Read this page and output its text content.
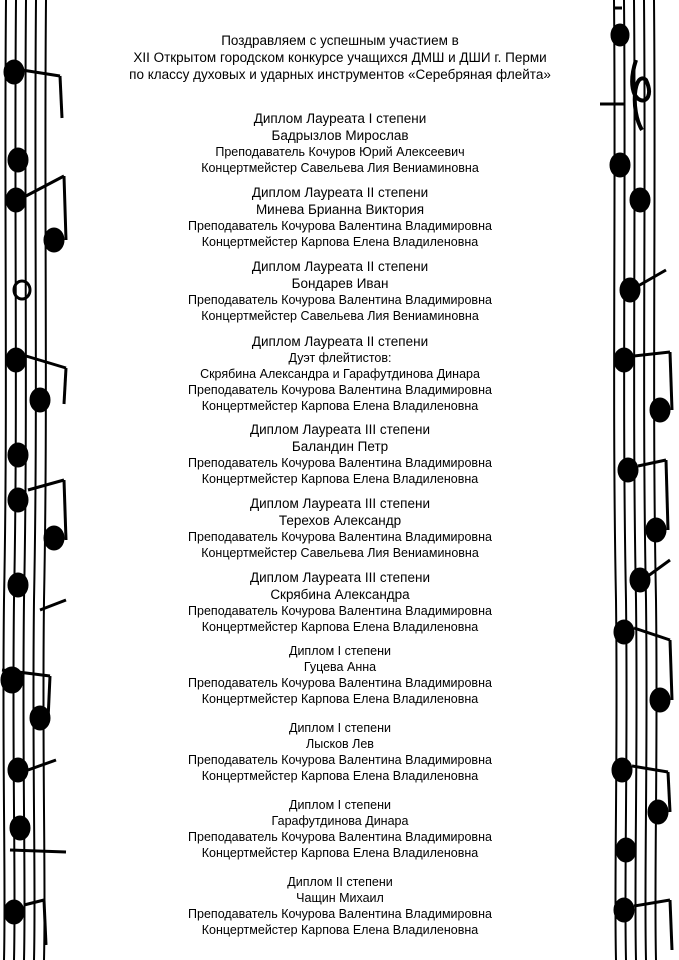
Поздравляем с успешным участием в
XII Открытом городском конкурсе учащихся ДМШ и ДШИ г. Перми
по классу духовых и ударных инструментов «Серебряная флейта»
Диплом Лауреата I степени
Бадрызлов Мирослав
Преподаватель Кочуров Юрий Алексеевич
Концертмейстер Савельева Лия Вениаминовна
Диплом Лауреата II степени
Минева Брианна Виктория
Преподаватель Кочурова Валентина Владимировна
Концертмейстер Карпова Елена Владиленовна
Диплом Лауреата II степени
Бондарев Иван
Преподаватель Кочурова Валентина Владимировна
Концертмейстер Савельева Лия Вениаминовна
Диплом Лауреата II степени
Дуэт флейтистов:
Скрябина Александра и Гарафутдинова Динара
Преподаватель Кочурова Валентина Владимировна
Концертмейстер Карпова Елена Владиленовна
Диплом Лауреата III степени
Баландин Петр
Преподаватель Кочурова Валентина Владимировна
Концертмейстер Карпова Елена Владиленовна
Диплом Лауреата III степени
Терехов Александр
Преподаватель Кочурова Валентина Владимировна
Концертмейстер Савельева Лия Вениаминовна
Диплом Лауреата III степени
Скрябина Александра
Преподаватель Кочурова Валентина Владимировна
Концертмейстер Карпова Елена Владиленовна
Диплом I степени
Гуцева Анна
Преподаватель Кочурова Валентина Владимировна
Концертмейстер Карпова Елена Владиленовна
Диплом I степени
Лысков Лев
Преподаватель Кочурова Валентина Владимировна
Концертмейстер Карпова Елена Владиленовна
Диплом I степени
Гарафутдинова Динара
Преподаватель Кочурова Валентина Владимировна
Концертмейстер Карпова Елена Владиленовна
Диплом II степени
Чащин Михаил
Преподаватель Кочурова Валентина Владимировна
Концертмейстер Карпова Елена Владиленовна
